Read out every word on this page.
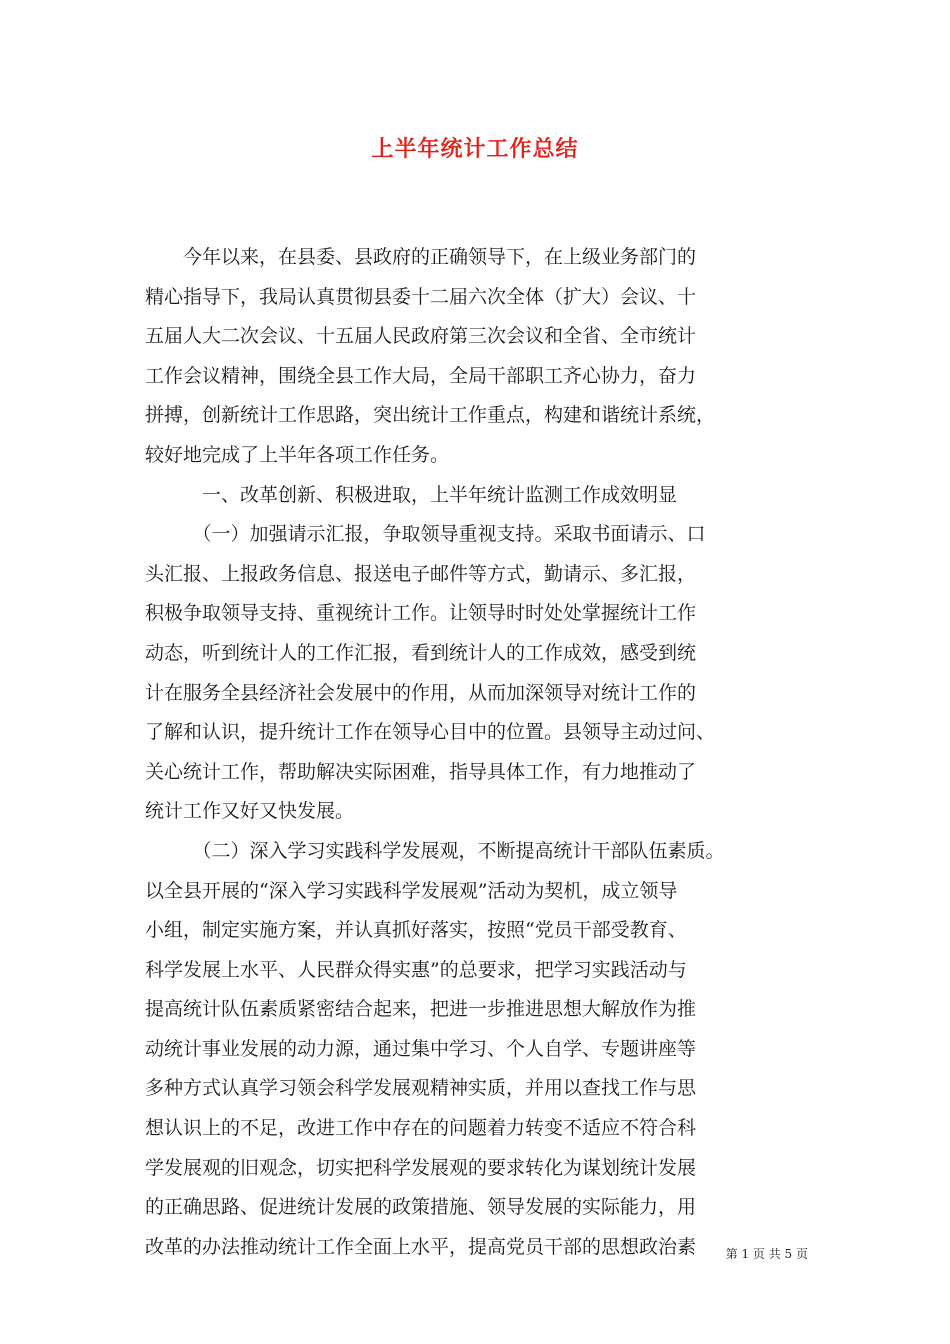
上半年统计工作总结
　　今年以来，在县委、县政府的正确领导下，在上级业务部门的
精心指导下，我局认真贯彻县委十二届六次全体（扩大）会议、十
五届人大二次会议、十五届人民政府第三次会议和全省、全市统计
工作会议精神，围绕全县工作大局，全局干部职工齐心协力，奋力
拼搏，创新统计工作思路，突出统计工作重点，构建和谐统计系统，
较好地完成了上半年各项工作任务。
　　　一、改革创新、积极进取，上半年统计监测工作成效明显
　　　（一）加强请示汇报，争取领导重视支持。采取书面请示、口
头汇报、上报政务信息、报送电子邮件等方式，勤请示、多汇报，
积极争取领导支持、重视统计工作。让领导时时处处掌握统计工作
动态，听到统计人的工作汇报，看到统计人的工作成效，感受到统
计在服务全县经济社会发展中的作用，从而加深领导对统计工作的
了解和认识，提升统计工作在领导心目中的位置。县领导主动过问、
关心统计工作，帮助解决实际困难，指导具体工作，有力地推动了
统计工作又好又快发展。
　　　（二）深入学习实践科学发展观，不断提高统计干部队伍素质。
以全县开展的“深入学习实践科学发展观”活动为契机，成立领导
小组，制定实施方案，并认真抓好落实，按照“党员干部受教育、
科学发展上水平、人民群众得实惠”的总要求，把学习实践活动与
提高统计队伍素质紧密结合起来，把进一步推进思想大解放作为推
动统计事业发展的动力源，通过集中学习、个人自学、专题讲座等
多种方式认真学习领会科学发展观精神实质，并用以查找工作与思
想认识上的不足，改进工作中存在的问题着力转变不适应不符合科
学发展观的旧观念，切实把科学发展观的要求转化为谋划统计发展
的正确思路、促进统计发展的政策措施、领导发展的实际能力，用
改革的办法推动统计工作全面上水平，提高党员干部的思想政治素	第 1 页 共 5 页
